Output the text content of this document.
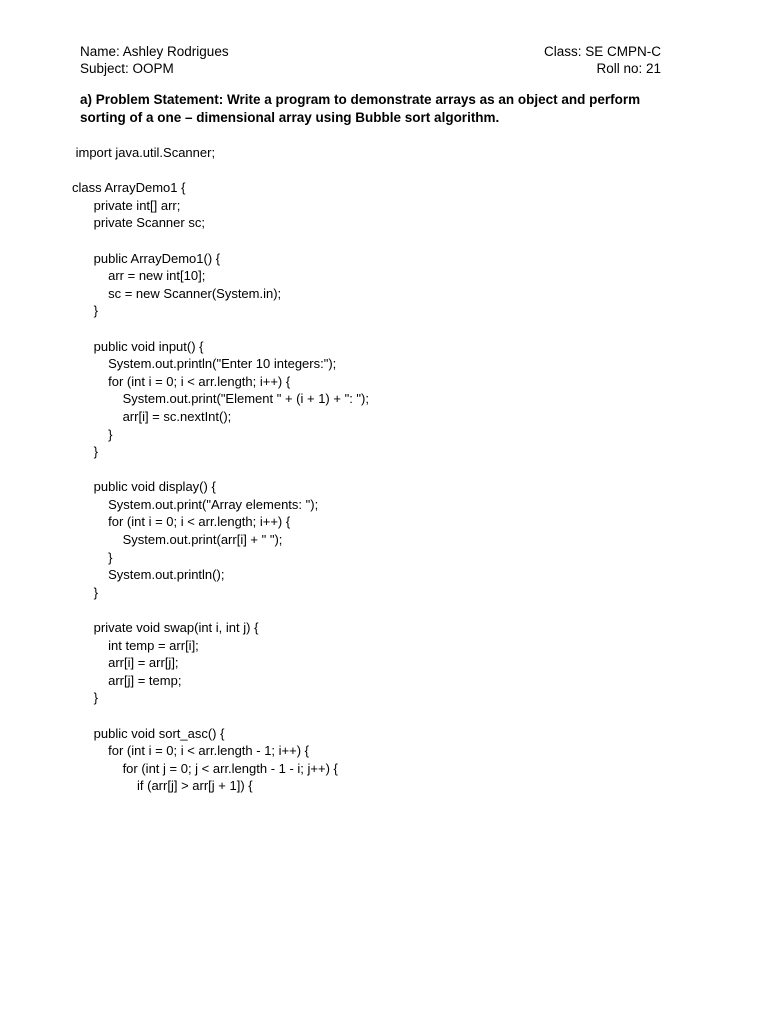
Name: Ashley Rodrigues
Subject: OOPM
Class: SE CMPN-C
Roll no: 21
a) Problem Statement: Write a program to demonstrate arrays as an object and perform sorting of a one – dimensional array using Bubble sort algorithm.
import java.util.Scanner;
class ArrayDemo1 {
private int[] arr;
private Scanner sc;
public ArrayDemo1() {
arr = new int[10];
sc = new Scanner(System.in);
}
public void input() {
System.out.println("Enter 10 integers:");
for (int i = 0; i < arr.length; i++) {
System.out.print("Element " + (i + 1) + ": ");
arr[i] = sc.nextInt();
}
}
public void display() {
System.out.print("Array elements: ");
for (int i = 0; i < arr.length; i++) {
System.out.print(arr[i] + " ");
}
System.out.println();
}
private void swap(int i, int j) {
int temp = arr[i];
arr[i] = arr[j];
arr[j] = temp;
}
public void sort_asc() {
for (int i = 0; i < arr.length - 1; i++) {
for (int j = 0; j < arr.length - 1 - i; j++) {
if (arr[j] > arr[j + 1]) {
